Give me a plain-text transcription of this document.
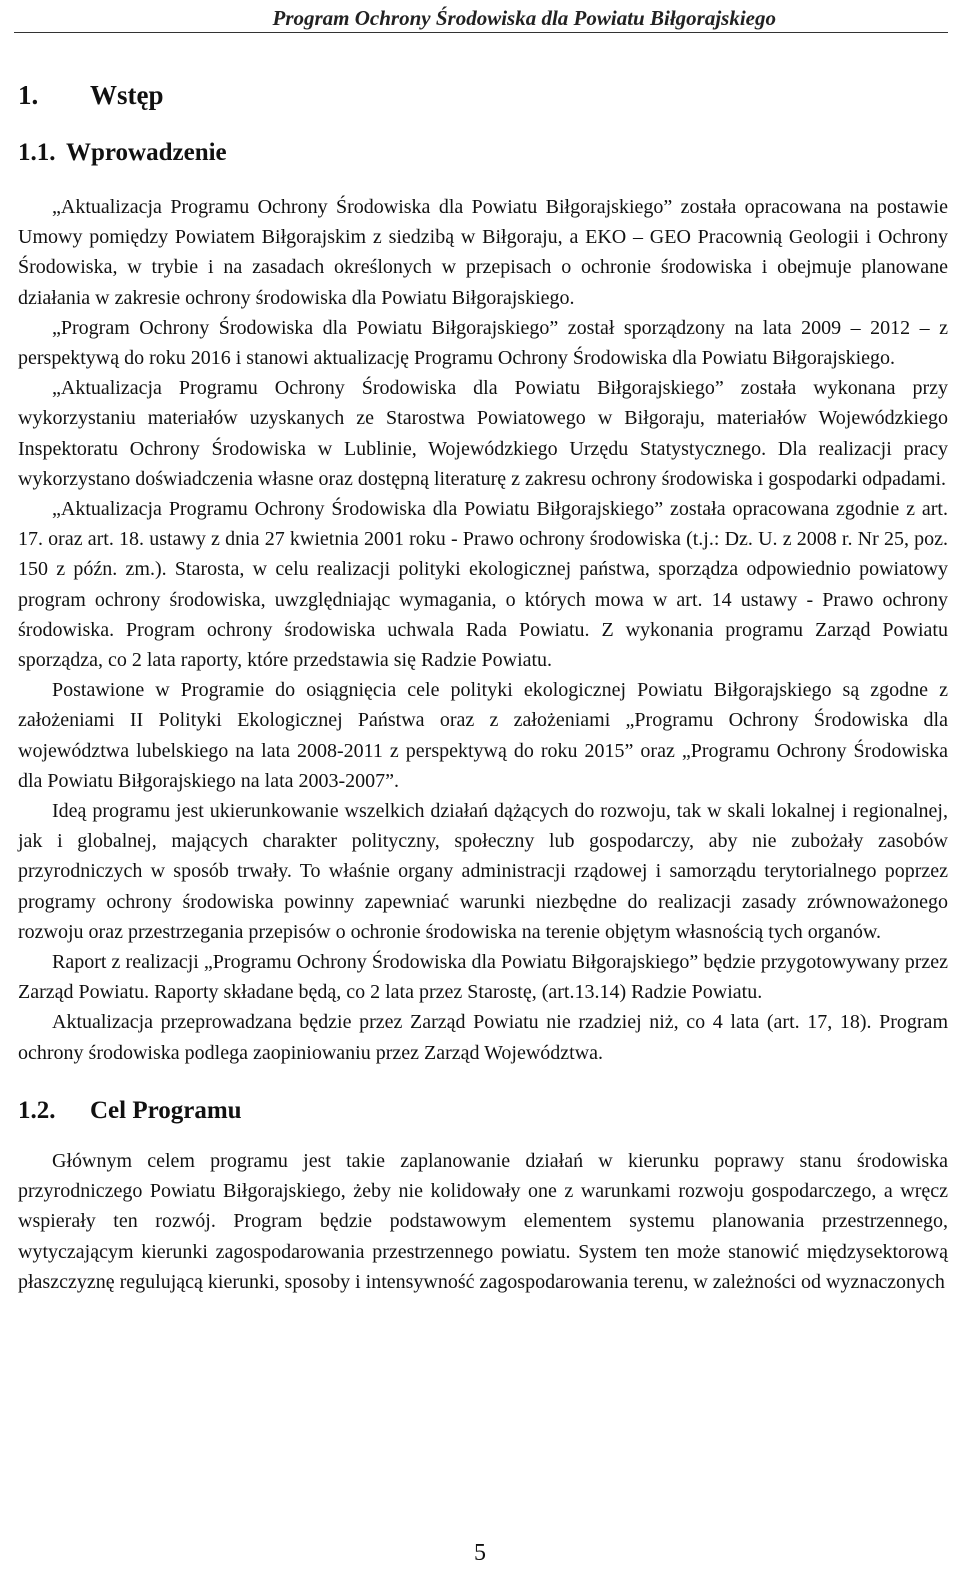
Program Ochrony Środowiska dla Powiatu Biłgorajskiego
1. Wstęp
1.1. Wprowadzenie

„Aktualizacja Programu Ochrony Środowiska dla Powiatu Biłgorajskiego” została opracowana na postawie Umowy pomiędzy Powiatem Biłgorajskim z siedzibą w Biłgoraju, a EKO – GEO Pracownią Geologii i Ochrony Środowiska, w trybie i na zasadach określonych w przepisach o ochronie środowiska i obejmuje planowane działania w zakresie ochrony środowiska dla Powiatu Biłgorajskiego.

„Program Ochrony Środowiska dla Powiatu Biłgorajskiego” został sporządzony na lata 2009 – 2012 – z perspektywą do roku 2016 i stanowi aktualizację Programu Ochrony Środowiska dla Powiatu Biłgorajskiego.

„Aktualizacja Programu Ochrony Środowiska dla Powiatu Biłgorajskiego” została wykonana przy wykorzystaniu materiałów uzyskanych ze Starostwa Powiatowego w Biłgoraju, materiałów Wojewódzkiego Inspektoratu Ochrony Środowiska w Lublinie, Wojewódzkiego Urzędu Statystycznego. Dla realizacji pracy wykorzystano doświadczenia własne oraz dostępną literaturę z zakresu ochrony środowiska i gospodarki odpadami.

„Aktualizacja Programu Ochrony Środowiska dla Powiatu Biłgorajskiego” została opracowana zgodnie z art. 17. oraz art. 18. ustawy z dnia 27 kwietnia 2001 roku - Prawo ochrony środowiska (t.j.: Dz. U. z 2008 r. Nr 25, poz. 150 z późn. zm.). Starosta, w celu realizacji polityki ekologicznej państwa, sporządza odpowiednio powiatowy program ochrony środowiska, uwzględniając wymagania, o których mowa w art. 14 ustawy - Prawo ochrony środowiska. Program ochrony środowiska uchwala Rada Powiatu. Z wykonania programu Zarząd Powiatu sporządza, co 2 lata raporty, które przedstawia się Radzie Powiatu.

Postawione w Programie do osiągnięcia cele polityki ekologicznej Powiatu Biłgorajskiego są zgodne z założeniami II Polityki Ekologicznej Państwa oraz z założeniami „Programu Ochrony Środowiska dla województwa lubelskiego na lata 2008-2011 z perspektywą do roku 2015” oraz „Programu Ochrony Środowiska dla Powiatu Biłgorajskiego na lata 2003-2007”.

Ideą programu jest ukierunkowanie wszelkich działań dążących do rozwoju, tak w skali lokalnej i regionalnej, jak i globalnej, mających charakter polityczny, społeczny lub gospodarczy, aby nie zubożały zasobów przyrodniczych w sposób trwały. To właśnie organy administracji rządowej i samorządu terytorialnego poprzez programy ochrony środowiska powinny zapewniać warunki niezbędne do realizacji zasady zrównoważonego rozwoju oraz przestrzegania przepisów o ochronie środowiska na terenie objętym własnością tych organów.

Raport z realizacji „Programu Ochrony Środowiska dla Powiatu Biłgorajskiego” będzie przygotowywany przez Zarząd Powiatu. Raporty składane będą, co 2 lata przez Starostę, (art.13.14) Radzie Powiatu.

Aktualizacja przeprowadzana będzie przez Zarząd Powiatu nie rzadziej niż, co 4 lata (art. 17, 18). Program ochrony środowiska podlega zaopiniowaniu przez Zarząd Województwa.

1.2. Cel Programu

Głównym celem programu jest takie zaplanowanie działań w kierunku poprawy stanu środowiska przyrodniczego Powiatu Biłgorajskiego, żeby nie kolidowały one z warunkami rozwoju gospodarczego, a wręcz wspierały ten rozwój. Program będzie podstawowym elementem systemu planowania przestrzennego, wytyczającym kierunki zagospodarowania przestrzennego powiatu. System ten może stanowić międzysektorową płaszczyznę regulującą kierunki, sposoby i intensywność zagospodarowania terenu, w zależności od wyznaczonych

5
